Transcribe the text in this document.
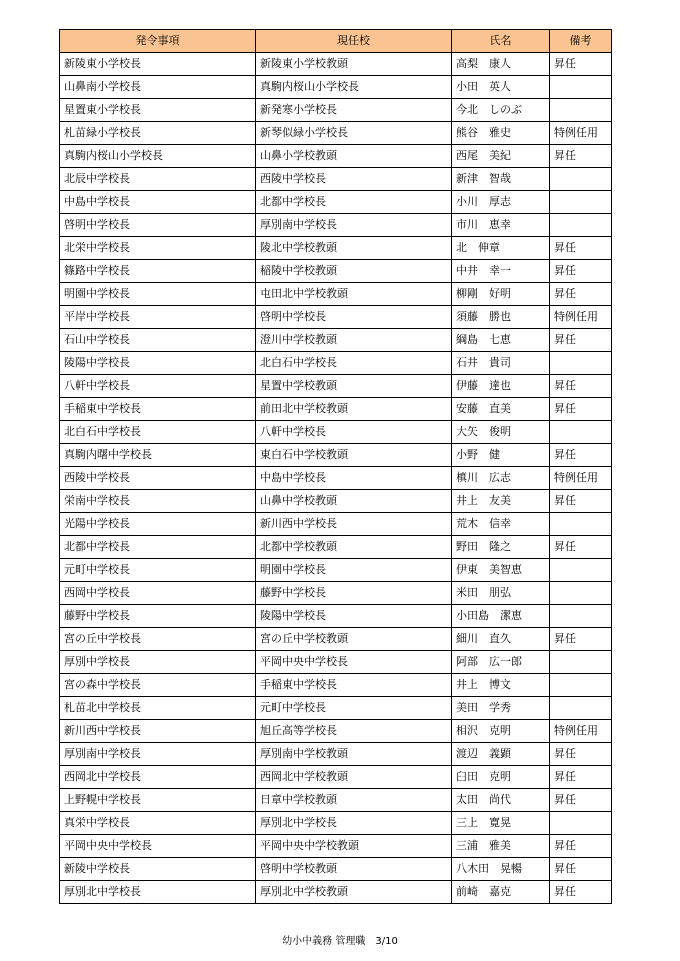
発令事項	現任校	氏名	備考
新陵東小学校長	新陵東小学校教頭	高梨　康人	昇任
山鼻南小学校長	真駒内桜山小学校長	小田　英人	
星置東小学校長	新発寒小学校長	今北　しのぶ	
札苗緑小学校長	新琴似緑小学校長	熊谷　雅史	特例任用
真駒内桜山小学校長	山鼻小学校教頭	西尾　美紀	昇任
北辰中学校長	西陵中学校長	新津　智哉	
中島中学校長	北都中学校長	小川　厚志	
啓明中学校長	厚別南中学校長	市川　恵幸	
北栄中学校長	陵北中学校教頭	北　伸章	昇任
篠路中学校長	稲陵中学校教頭	中井　幸一	昇任
明園中学校長	屯田北中学校教頭	柳剛　好明	昇任
平岸中学校長	啓明中学校長	須藤　勝也	特例任用
石山中学校長	澄川中学校教頭	綱島　七恵	昇任
陵陽中学校長	北白石中学校長	石井　貴司	
八軒中学校長	星置中学校教頭	伊藤　達也	昇任
手稲東中学校長	前田北中学校教頭	安藤　直美	昇任
北白石中学校長	八軒中学校長	大矢　俊明	
真駒内曙中学校長	東白石中学校教頭	小野　健	昇任
西陵中学校長	中島中学校長	槙川　広志	特例任用
栄南中学校長	山鼻中学校教頭	井上　友美	昇任
光陽中学校長	新川西中学校長	荒木　信幸	
北都中学校長	北都中学校教頭	野田　隆之	昇任
元町中学校長	明園中学校長	伊東　美智恵	
西岡中学校長	藤野中学校長	米田　朋弘	
藤野中学校長	陵陽中学校長	小田島　潔恵	
宮の丘中学校長	宮の丘中学校教頭	細川　直久	昇任
厚別中学校長	平岡中央中学校長	阿部　広一郎	
宮の森中学校長	手稲東中学校長	井上　博文	
札苗北中学校長	元町中学校長	美田　学秀	
新川西中学校長	旭丘高等学校長	相沢　克明	特例任用
厚別南中学校長	厚別南中学校教頭	渡辺　義顕	昇任
西岡北中学校長	西岡北中学校教頭	臼田　克明	昇任
上野幌中学校長	日章中学校教頭	太田　尚代	昇任
真栄中学校長	厚別北中学校長	三上　寛晃	
平岡中央中学校長	平岡中央中学校教頭	三浦　雅美	昇任
新陵中学校長	啓明中学校教頭	八木田　晃暢	昇任
厚別北中学校長	厚別北中学校教頭	前崎　嘉克	昇任
幼小中義務 管理職　3/10
